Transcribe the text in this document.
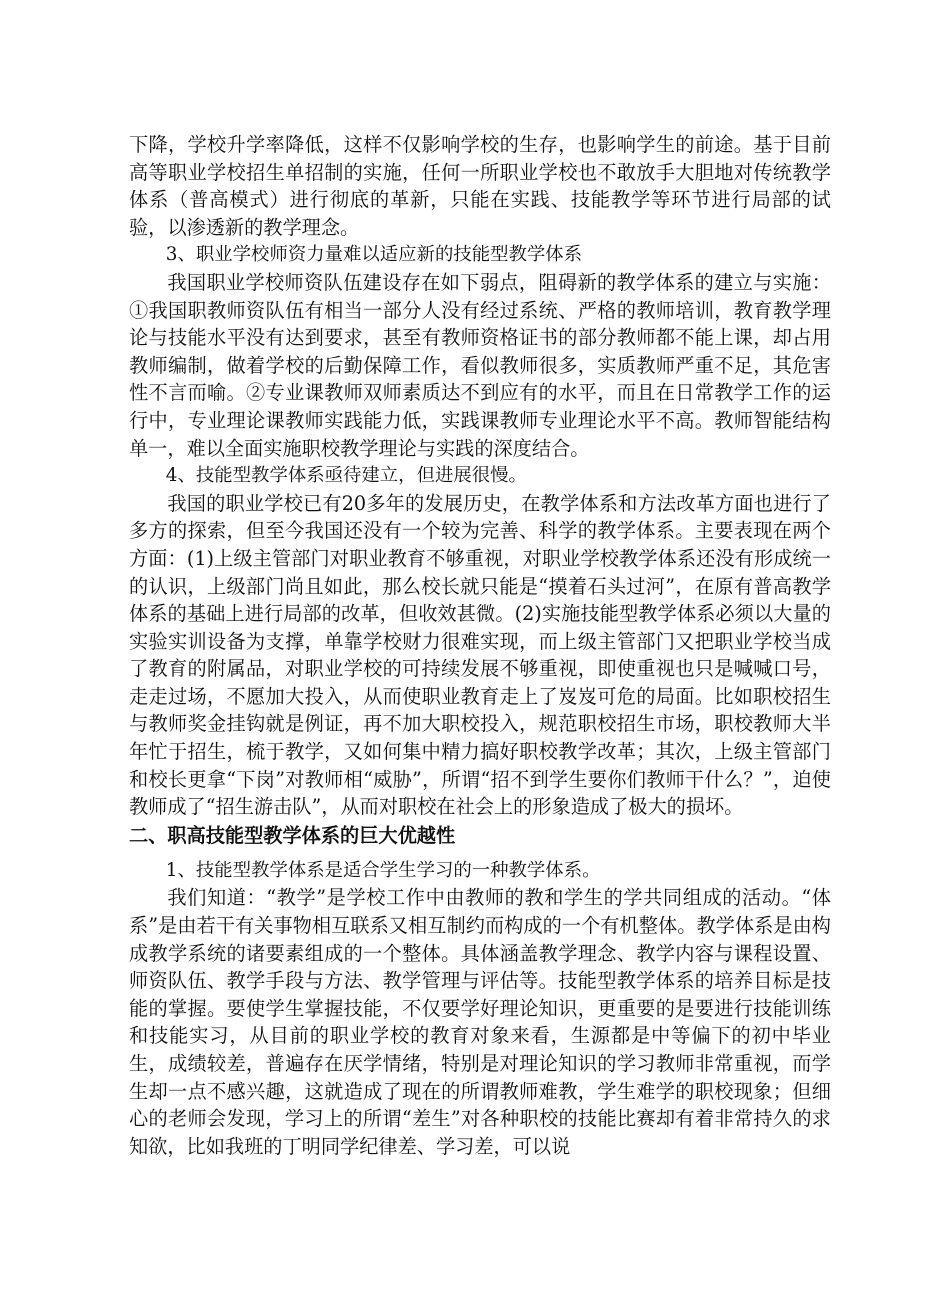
下降，学校升学率降低，这样不仅影响学校的生存，也影响学生的前途。基于目前高等职业学校招生单招制的实施，任何一所职业学校也不敢放手大胆地对传统教学体系（普高模式）进行彻底的革新，只能在实践、技能教学等环节进行局部的试验，以渗透新的教学理念。

3、职业学校师资力量难以适应新的技能型教学体系

我国职业学校师资队伍建设存在如下弱点，阻碍新的教学体系的建立与实施：①我国职教师资队伍有相当一部分人没有经过系统、严格的教师培训，教育教学理论与技能水平没有达到要求，甚至有教师资格证书的部分教师都不能上课，却占用教师编制，做着学校的后勤保障工作，看似教师很多，实质教师严重不足，其危害性不言而喻。②专业课教师双师素质达不到应有的水平，而且在日常教学工作的运行中，专业理论课教师实践能力低，实践课教师专业理论水平不高。教师智能结构单一，难以全面实施职校教学理论与实践的深度结合。

4、技能型教学体系亟待建立，但进展很慢。

我国的职业学校已有20多年的发展历史，在教学体系和方法改革方面也进行了多方的探索，但至今我国还没有一个较为完善、科学的教学体系。主要表现在两个方面：(1)上级主管部门对职业教育不够重视，对职业学校教学体系还没有形成统一的认识，上级部门尚且如此，那么校长就只能是“摸着石头过河”，在原有普高教学体系的基础上进行局部的改革，但收效甚微。(2)实施技能型教学体系必须以大量的实验实训设备为支撑，单靠学校财力很难实现，而上级主管部门又把职业学校当成了教育的附属品，对职业学校的可持续发展不够重视，即使重视也只是喊喊口号，走走过场，不愿加大投入，从而使职业教育走上了岌岌可危的局面。比如职校招生与教师奖金挂钩就是例证，再不加大职校投入，规范职校招生市场，职校教师大半年忙于招生，梳于教学，又如何集中精力搞好职校教学改革；其次，上级主管部门和校长更拿“下岗”对教师相“威胁”，所谓“招不到学生要你们教师干什么？”，迫使教师成了“招生游击队”，从而对职校在社会上的形象造成了极大的损坏。

二、职高技能型教学体系的巨大优越性

1、技能型教学体系是适合学生学习的一种教学体系。

我们知道：“教学”是学校工作中由教师的教和学生的学共同组成的活动。“体系”是由若干有关事物相互联系又相互制约而构成的一个有机整体。教学体系是由构成教学系统的诸要素组成的一个整体。具体涵盖教学理念、教学内容与课程设置、师资队伍、教学手段与方法、教学管理与评估等。技能型教学体系的培养目标是技能的掌握。要使学生掌握技能，不仅要学好理论知识，更重要的是要进行技能训练和技能实习，从目前的职业学校的教育对象来看，生源都是中等偏下的初中毕业生，成绩较差，普遍存在厌学情绪，特别是对理论知识的学习教师非常重视，而学生却一点不感兴趣，这就造成了现在的所谓教师难教，学生难学的职校现象；但细心的老师会发现，学习上的所谓“差生”对各种职校的技能比赛却有着非常持久的求知欲，比如我班的丁明同学纪律差、学习差，可以说
